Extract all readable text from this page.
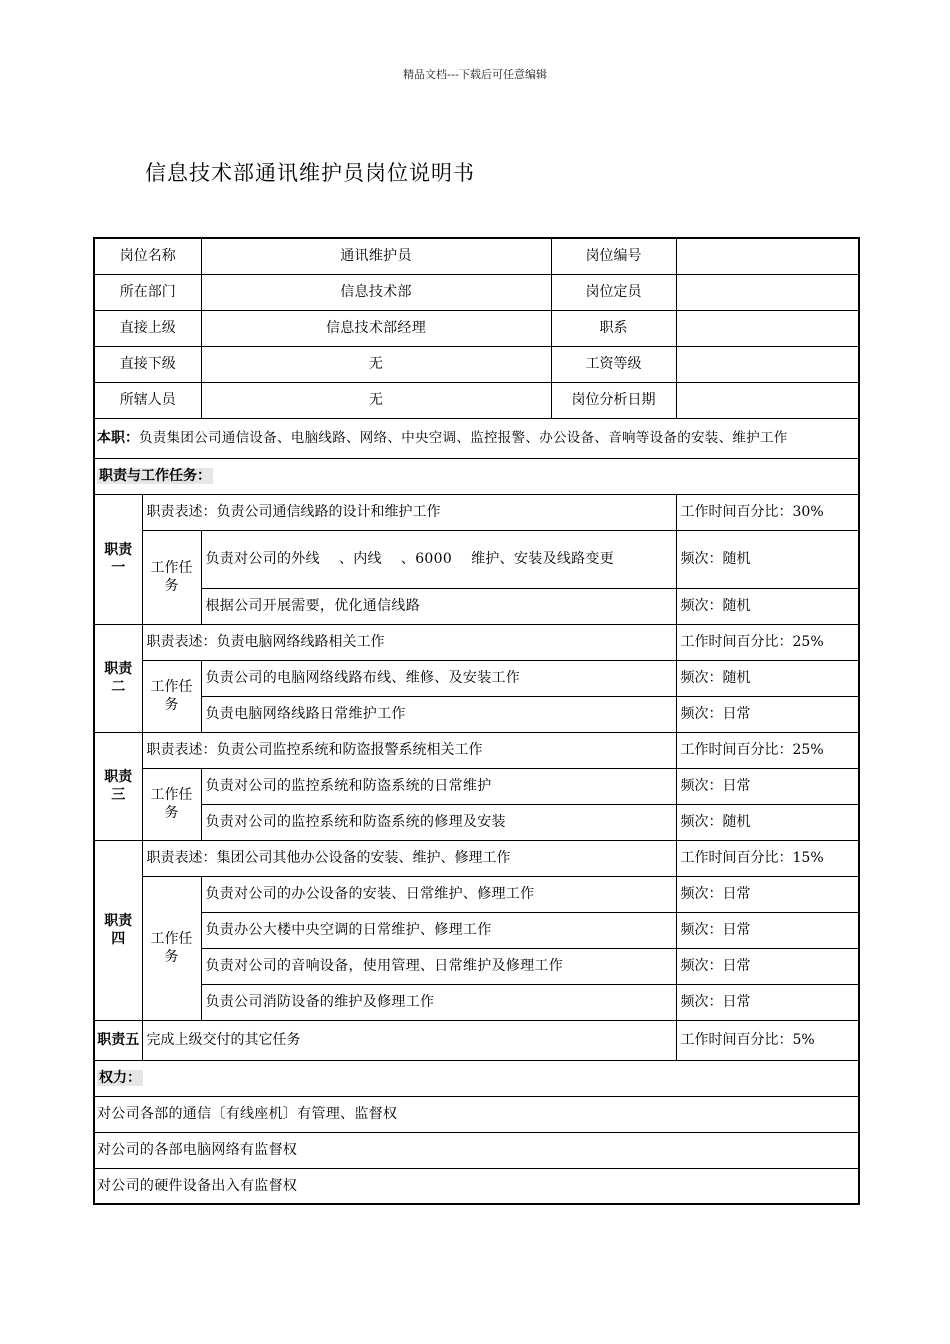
精品文档---下载后可任意编辑
信息技术部通讯维护员岗位说明书
岗位名称		通讯维护员	岗位编号	
所在部门		信息技术部	岗位定员	
直接上级		信息技术部经理	职系	
直接下级		无	工资等级	
所辖人员		无	岗位分析日期	
本职：负责集团公司通信设备、电脑线路、网络、中央空调、监控报警、办公设备、音响等设备的安装、维护工作				
职责与工作任务：				
职责一	职责表述：负责公司通信线路的设计和维护工作			工作时间百分比：30%
	工作任务	负责对公司的外线　 、内线　 、6000　 维护、安装及线路变更		频次：随机
		根据公司开展需要，优化通信线路		频次：随机
职责二	职责表述：负责电脑网络线路相关工作			工作时间百分比：25%
	工作任务	负责公司的电脑网络线路布线、维修、及安装工作		频次：随机
		负责电脑网络线路日常维护工作		频次：日常
职责三	职责表述：负责公司监控系统和防盗报警系统相关工作			工作时间百分比：25%
	工作任务	负责对公司的监控系统和防盗系统的日常维护		频次：日常
		负责对公司的监控系统和防盗系统的修理及安装		频次：随机
职责四	职责表述：集团公司其他办公设备的安装、维护、修理工作			工作时间百分比：15%
	工作任务	负责对公司的办公设备的安装、日常维护、修理工作		频次：日常
		负责办公大楼中央空调的日常维护、修理工作		频次：日常
		负责对公司的音响设备，使用管理、日常维护及修理工作		频次：日常
		负责公司消防设备的维护及修理工作		频次：日常
职责五	完成上级交付的其它任务			工作时间百分比：5%
权力：				
对公司各部的通信〔有线座机〕有管理、监督权				
对公司的各部电脑网络有监督权				
对公司的硬件设备出入有监督权				
